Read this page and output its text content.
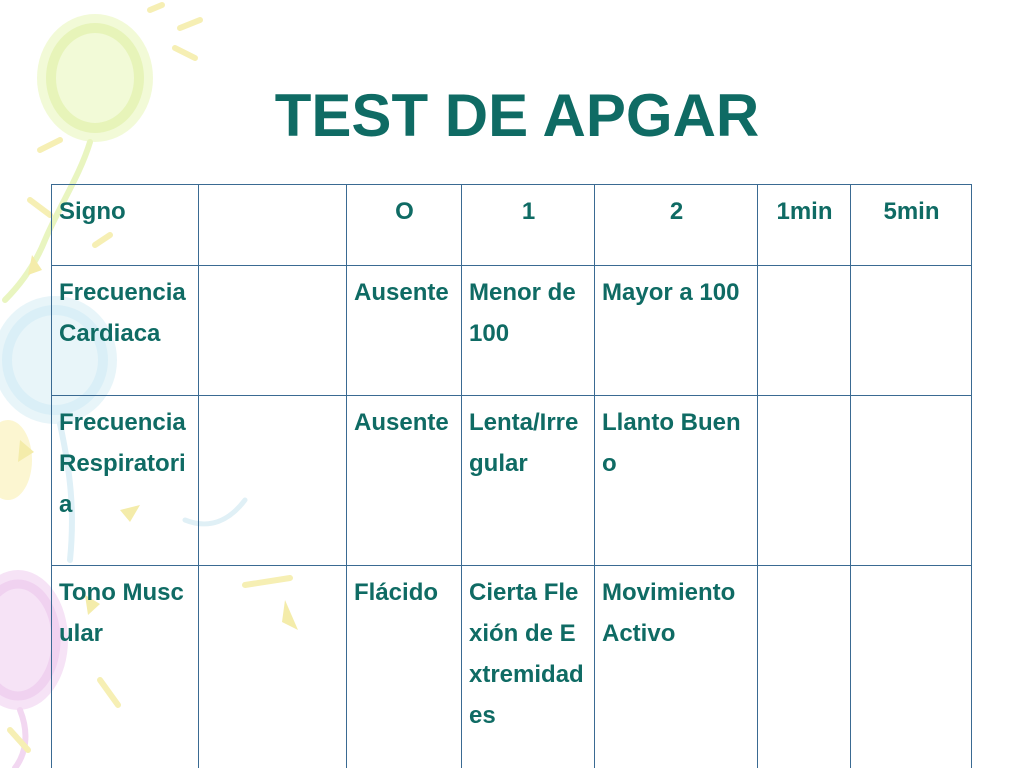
TEST DE APGAR
Signo		O	1	2	1min	5min
Frecuencia Cardiaca		Ausente	Menor de 100	Mayor a 100		
Frecuencia Respiratoria		Ausente	Lenta/Irregular	Llanto Bueno		
Tono Muscular		Flácido	Cierta Flexión de Extremidades	Movimiento Activo		
